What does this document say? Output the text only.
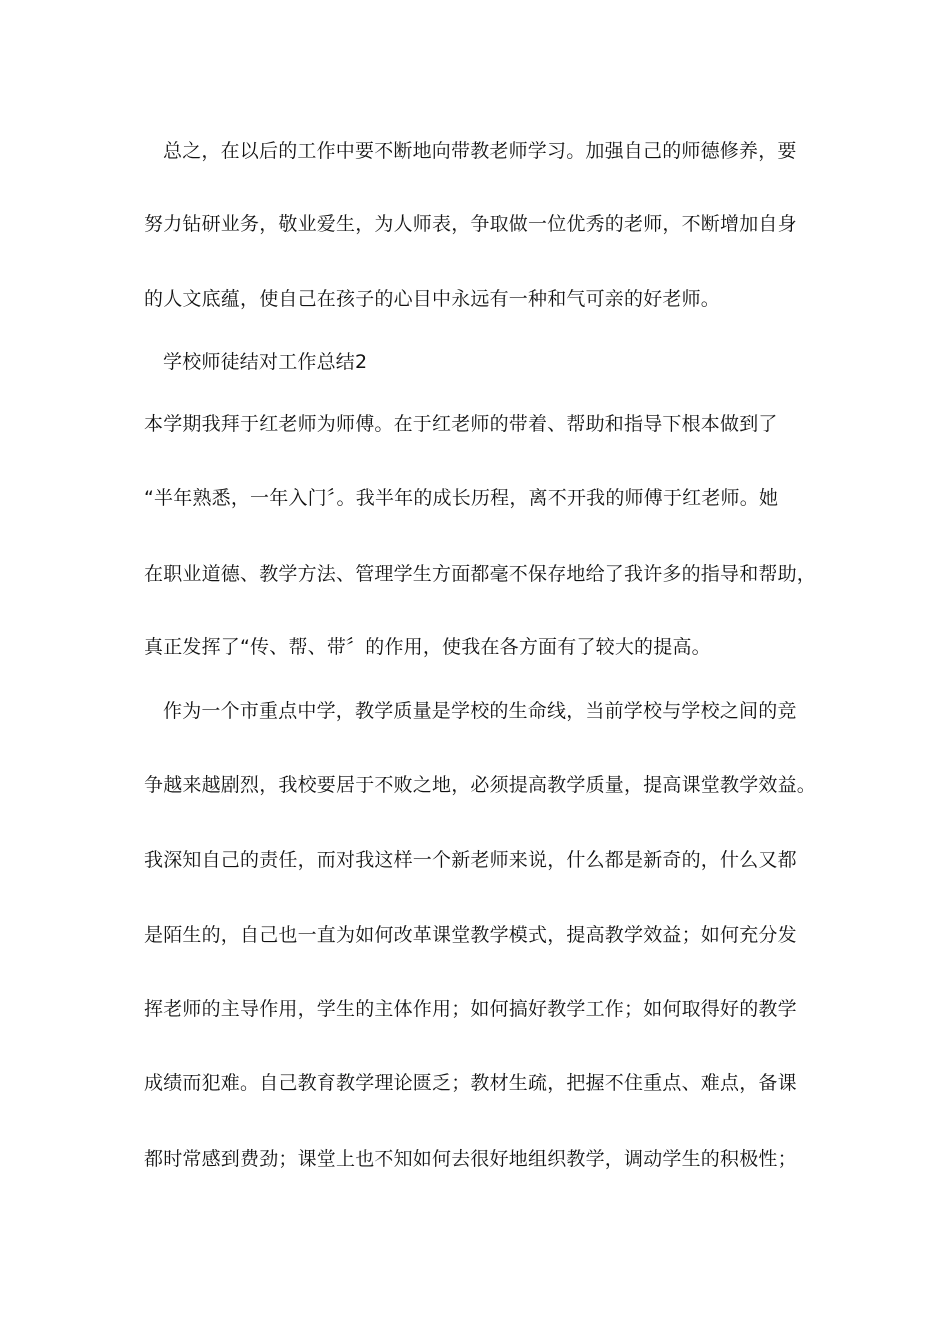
总之，在以后的工作中要不断地向带教老师学习。加强自己的师德修养，要
努力钻研业务，敬业爱生，为人师表，争取做一位优秀的老师，不断增加自身
的人文底蕴，使自己在孩子的心目中永远有一种和气可亲的好老师。
学校师徒结对工作总结2
本学期我拜于红老师为师傅。在于红老师的带着、帮助和指导下根本做到了
“半年熟悉，一年入门〞。我半年的成长历程，离不开我的师傅于红老师。她
在职业道德、教学方法、管理学生方面都毫不保存地给了我许多的指导和帮助，
真正发挥了“传、帮、带〞的作用，使我在各方面有了较大的提高。
作为一个市重点中学，教学质量是学校的生命线，当前学校与学校之间的竞
争越来越剧烈，我校要居于不败之地，必须提高教学质量，提高课堂教学效益。
我深知自己的责任，而对我这样一个新老师来说，什么都是新奇的，什么又都
是陌生的，自己也一直为如何改革课堂教学模式，提高教学效益；如何充分发
挥老师的主导作用，学生的主体作用；如何搞好教学工作；如何取得好的教学
成绩而犯难。自己教育教学理论匮乏；教材生疏，把握不住重点、难点，备课
都时常感到费劲；课堂上也不知如何去很好地组织教学，调动学生的积极性；
